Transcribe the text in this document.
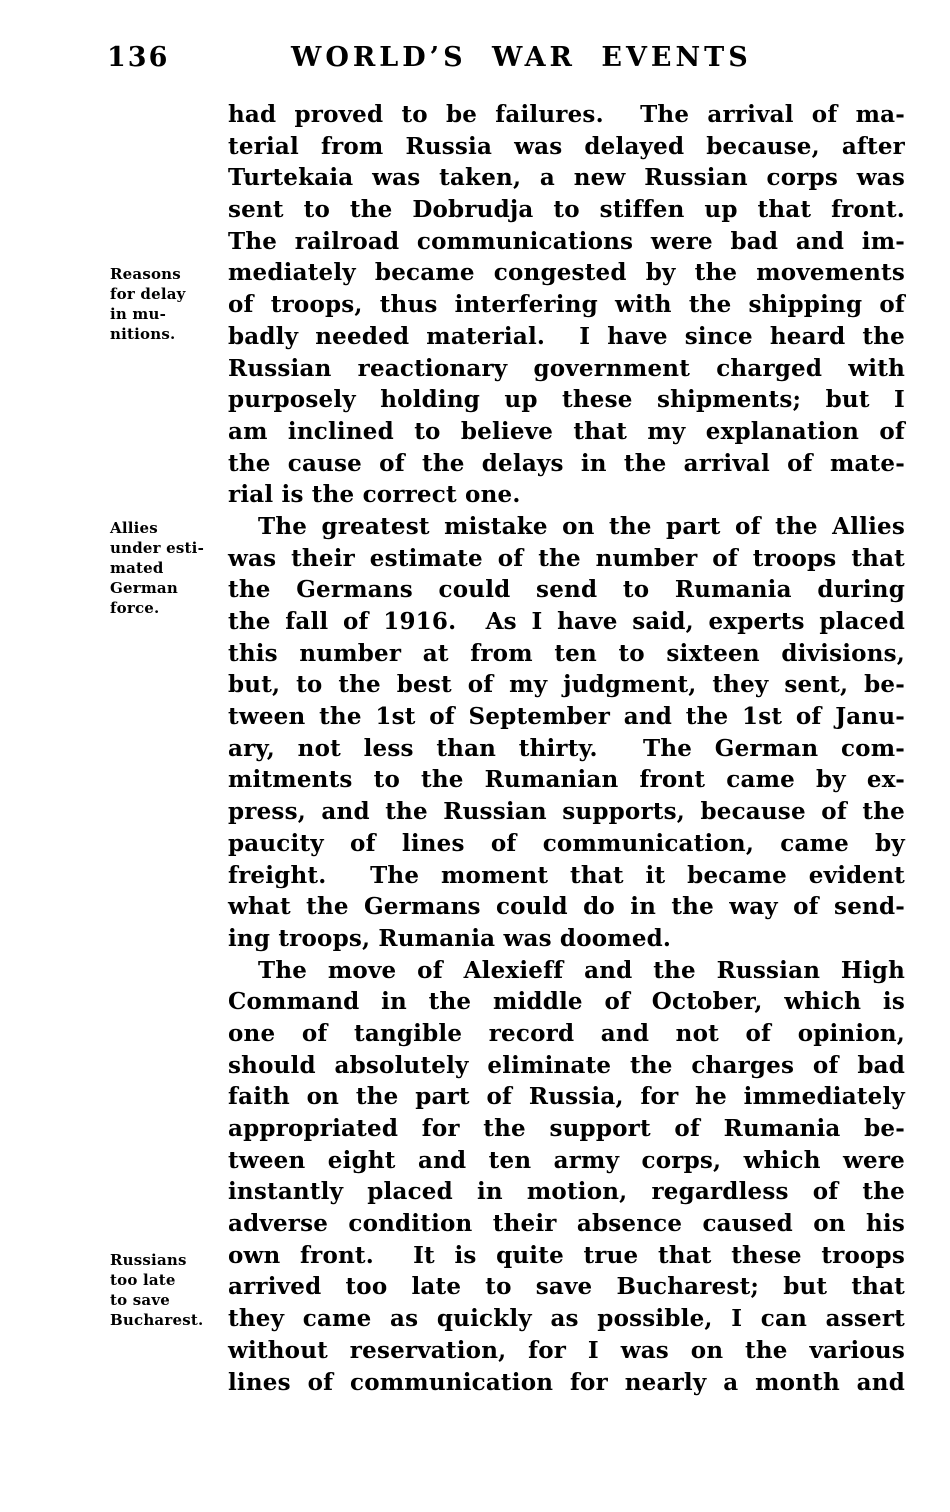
136	WORLD’S WAR EVENTS
Reasons
for delay
in mu-
nitions.
Allies
under esti-
mated
German
force.
Russians
too late
to save
Bucharest.
had proved to be failures.  The arrival of ma-
terial from Russia was delayed because, after
Turtekaia was taken, a new Russian corps was
sent to the Dobrudja to stiffen up that front.
The railroad communications were bad and im-
mediately became congested by the movements
of troops, thus interfering with the shipping of
badly needed material.  I have since heard the
Russian reactionary government charged with
purposely holding up these shipments; but I
am inclined to believe that my explanation of
the cause of the delays in the arrival of mate-
rial is the correct one.
The greatest mistake on the part of the Allies
was their estimate of the number of troops that
the Germans could send to Rumania during
the fall of 1916.  As I have said, experts placed
this number at from ten to sixteen divisions,
but, to the best of my judgment, they sent, be-
tween the 1st of September and the 1st of Janu-
ary, not less than thirty.  The German com-
mitments to the Rumanian front came by ex-
press, and the Russian supports, because of the
paucity of lines of communication, came by
freight.  The moment that it became evident
what the Germans could do in the way of send-
ing troops, Rumania was doomed.
The move of Alexieff and the Russian High
Command in the middle of October, which is
one of tangible record and not of opinion,
should absolutely eliminate the charges of bad
faith on the part of Russia, for he immediately
appropriated for the support of Rumania be-
tween eight and ten army corps, which were
instantly placed in motion, regardless of the
adverse condition their absence caused on his
own front.  It is quite true that these troops
arrived too late to save Bucharest; but that
they came as quickly as possible, I can assert
without reservation, for I was on the various
lines of communication for nearly a month and
